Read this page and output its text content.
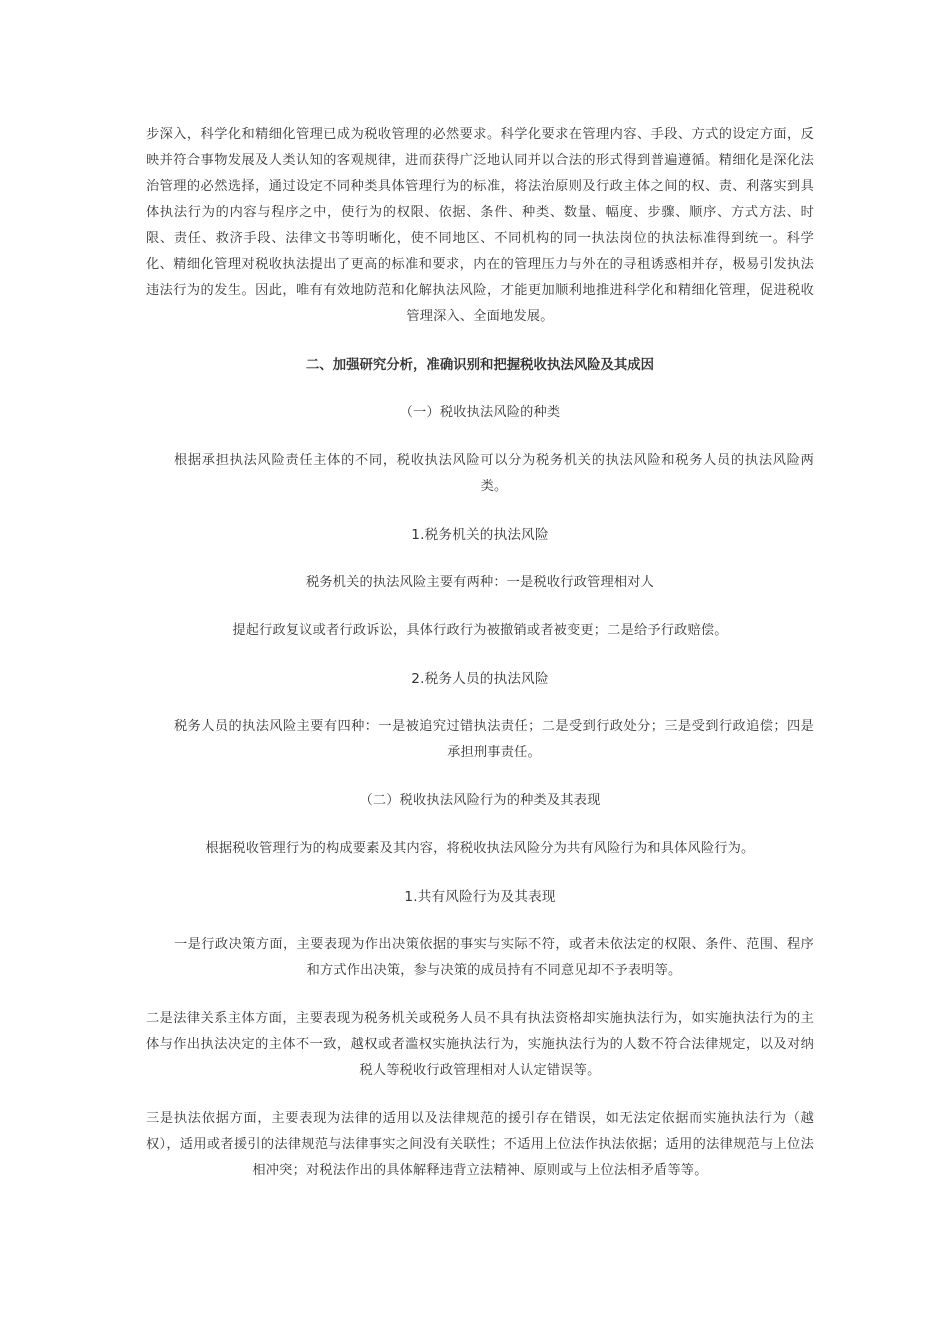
步深入，科学化和精细化管理已成为税收管理的必然要求。科学化要求在管理内容、手段、方式的设定方面，反映并符合事物发展及人类认知的客观规律，进而获得广泛地认同并以合法的形式得到普遍遵循。精细化是深化法治管理的必然选择，通过设定不同种类具体管理行为的标准，将法治原则及行政主体之间的权、责、利落实到具体执法行为的内容与程序之中，使行为的权限、依据、条件、种类、数量、幅度、步骤、顺序、方式方法、时限、责任、救济手段、法律文书等明晰化，使不同地区、不同机构的同一执法岗位的执法标准得到统一。科学化、精细化管理对税收执法提出了更高的标准和要求，内在的管理压力与外在的寻租诱惑相并存，极易引发执法违法行为的发生。因此，唯有有效地防范和化解执法风险，才能更加顺利地推进科学化和精细化管理，促进税收管理深入、全面地发展。

二、加强研究分析，准确识别和把握税收执法风险及其成因

（一）税收执法风险的种类

根据承担执法风险责任主体的不同，税收执法风险可以分为税务机关的执法风险和税务人员的执法风险两类。

1.税务机关的执法风险

税务机关的执法风险主要有两种：一是税收行政管理相对人

提起行政复议或者行政诉讼，具体行政行为被撤销或者被变更；二是给予行政赔偿。

2.税务人员的执法风险

税务人员的执法风险主要有四种：一是被追究过错执法责任；二是受到行政处分；三是受到行政追偿；四是承担刑事责任。

（二）税收执法风险行为的种类及其表现

根据税收管理行为的构成要素及其内容，将税收执法风险分为共有风险行为和具体风险行为。

1.共有风险行为及其表现

一是行政决策方面，主要表现为作出决策依据的事实与实际不符，或者未依法定的权限、条件、范围、程序和方式作出决策，参与决策的成员持有不同意见却不予表明等。

二是法律关系主体方面，主要表现为税务机关或税务人员不具有执法资格却实施执法行为，如实施执法行为的主体与作出执法决定的主体不一致，越权或者滥权实施执法行为，实施执法行为的人数不符合法律规定，以及对纳税人等税收行政管理相对人认定错误等。

三是执法依据方面，主要表现为法律的适用以及法律规范的援引存在错误，如无法定依据而实施执法行为（越权），适用或者援引的法律规范与法律事实之间没有关联性；不适用上位法作执法依据；适用的法律规范与上位法相冲突；对税法作出的具体解释违背立法精神、原则或与上位法相矛盾等等。
